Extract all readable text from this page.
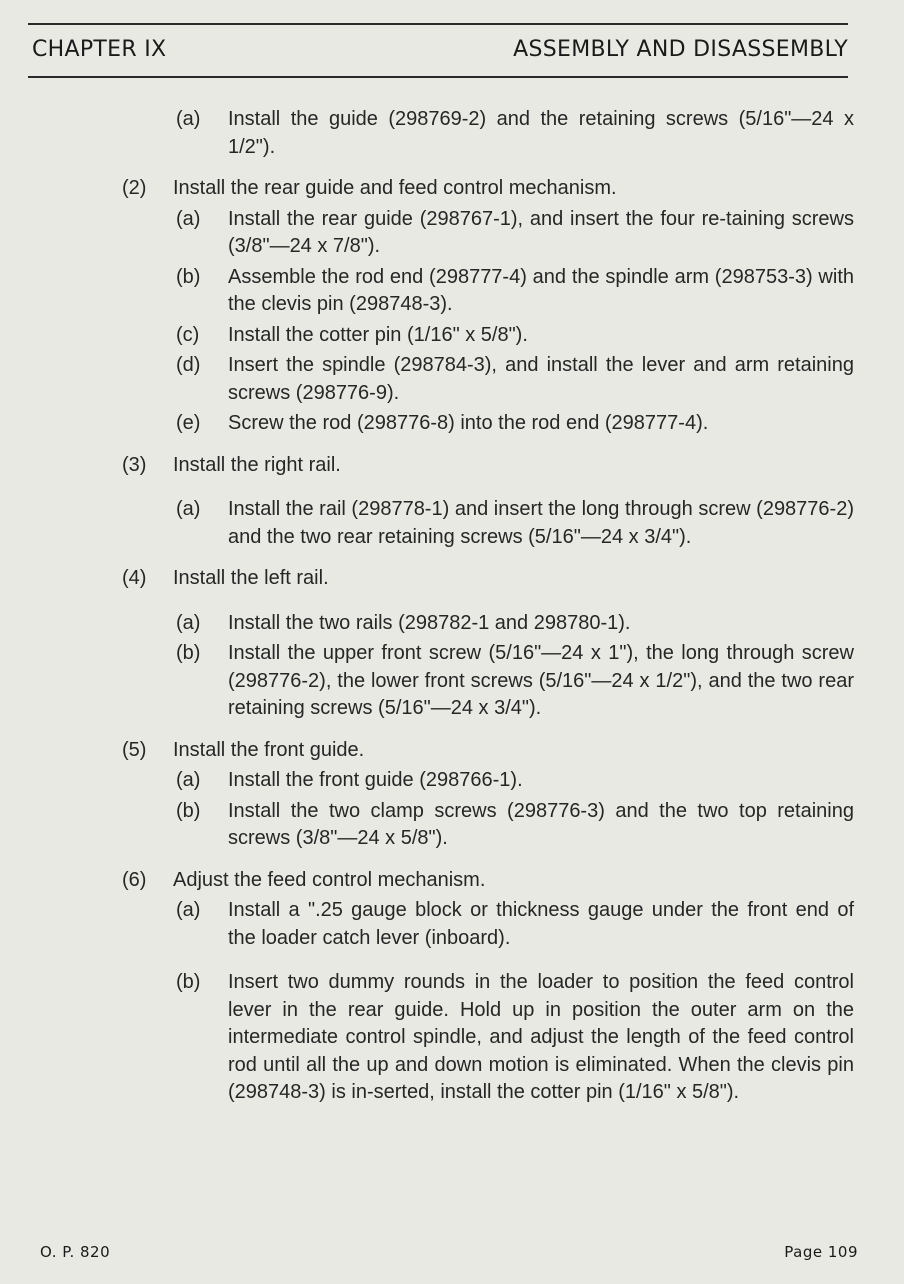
CHAPTER IX	ASSEMBLY AND DISASSEMBLY
(a) Install the guide (298769-2) and the retaining screws (5/16"—24 x 1/2").
(2) Install the rear guide and feed control mechanism.
(a) Install the rear guide (298767-1), and insert the four re-taining screws (3/8"—24 x 7/8").
(b) Assemble the rod end (298777-4) and the spindle arm (298753-3) with the clevis pin (298748-3).
(c) Install the cotter pin (1/16" x 5/8").
(d) Insert the spindle (298784-3), and install the lever and arm retaining screws (298776-9).
(e) Screw the rod (298776-8) into the rod end (298777-4).
(3) Install the right rail.
(a) Install the rail (298778-1) and insert the long through screw (298776-2) and the two rear retaining screws (5/16"—24 x 3/4").
(4) Install the left rail.
(a) Install the two rails (298782-1 and 298780-1).
(b) Install the upper front screw (5/16"—24 x 1"), the long through screw (298776-2), the lower front screws (5/16"—24 x 1/2"), and the two rear retaining screws (5/16"—24 x 3/4").
(5) Install the front guide.
(a) Install the front guide (298766-1).
(b) Install the two clamp screws (298776-3) and the two top retaining screws (3/8"—24 x 5/8").
(6) Adjust the feed control mechanism.
(a) Install a ".25 gauge block or thickness gauge under the front end of the loader catch lever (inboard).
(b) Insert two dummy rounds in the loader to position the feed control lever in the rear guide. Hold up in position the outer arm on the intermediate control spindle, and adjust the length of the feed control rod until all the up and down motion is eliminated. When the clevis pin (298748-3) is in-serted, install the cotter pin (1/16" x 5/8").
O. P. 820	Page 109
